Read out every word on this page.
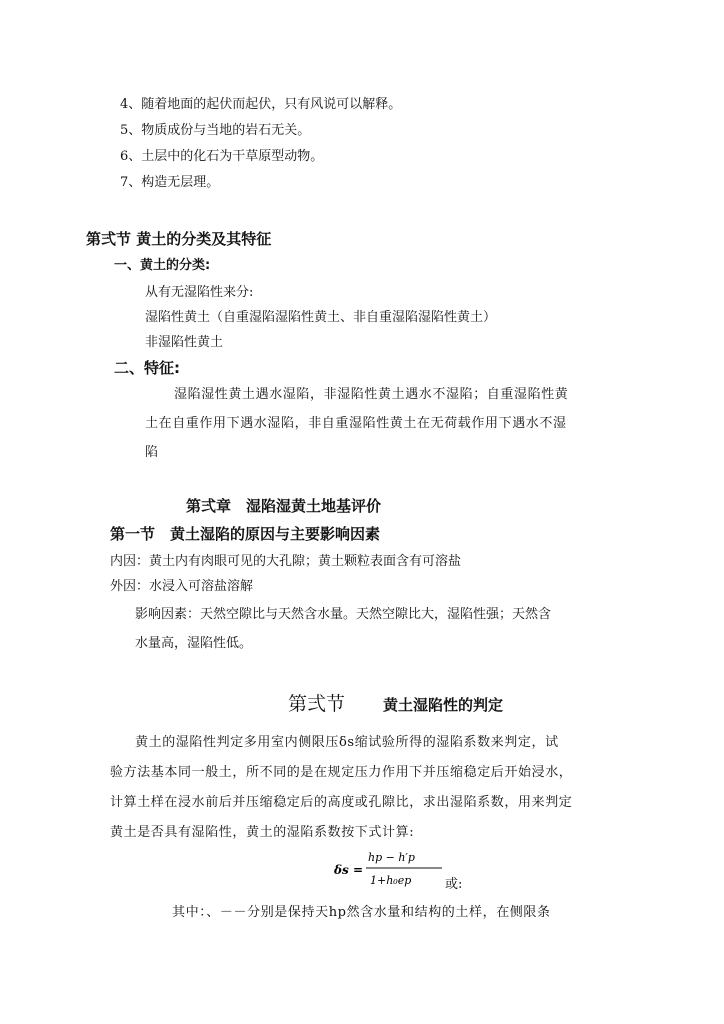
4、随着地面的起伏而起伏，只有风说可以解释。
5、物质成份与当地的岩石无关。
6、土层中的化石为干草原型动物。
7、构造无层理。
第弍节 黄土的分类及其特征
一、黄土的分类:
从有无湿陷性来分:
湿陷性黄土（自重湿陷湿陷性黄土、非自重湿陷湿陷性黄土）
非湿陷性黄土
二、特征:
湿陷湿性黄土遇水湿陷，非湿陷性黄土遇水不湿陷；自重湿陷性黄
土在自重作用下遇水湿陷，非自重湿陷性黄土在无荷载作用下遇水不湿
陷
第弍章　湿陷湿黄土地基评价
第一节　黄土湿陷的原因与主要影响因素
内因：黄土内有肉眼可见的大孔隙；黄土颗粒表面含有可溶盐
外因：水浸入可溶盐溶解
影响因素：天然空隙比与天然含水量。天然空隙比大，湿陷性强；天然含
水量高，湿陷性低。
第弍节	黄土湿陷性的判定
黄土的湿陷性判定多用室内侧限压δs缩试验所得的湿陷系数来判定，试
验方法基本同一般土，所不同的是在规定压力作用下并压缩稳定后开始浸水，
计算土样在浸水前后并压缩稳定后的高度或孔隙比，求出湿陷系数，用来判定
黄土是否具有湿陷性，黄土的湿陷系数按下式计算:
δs =
hp − h′p
1+h₀ep	或:
其中：、－－分别是保持天hp然含水量和结构的土样，在侧限条
